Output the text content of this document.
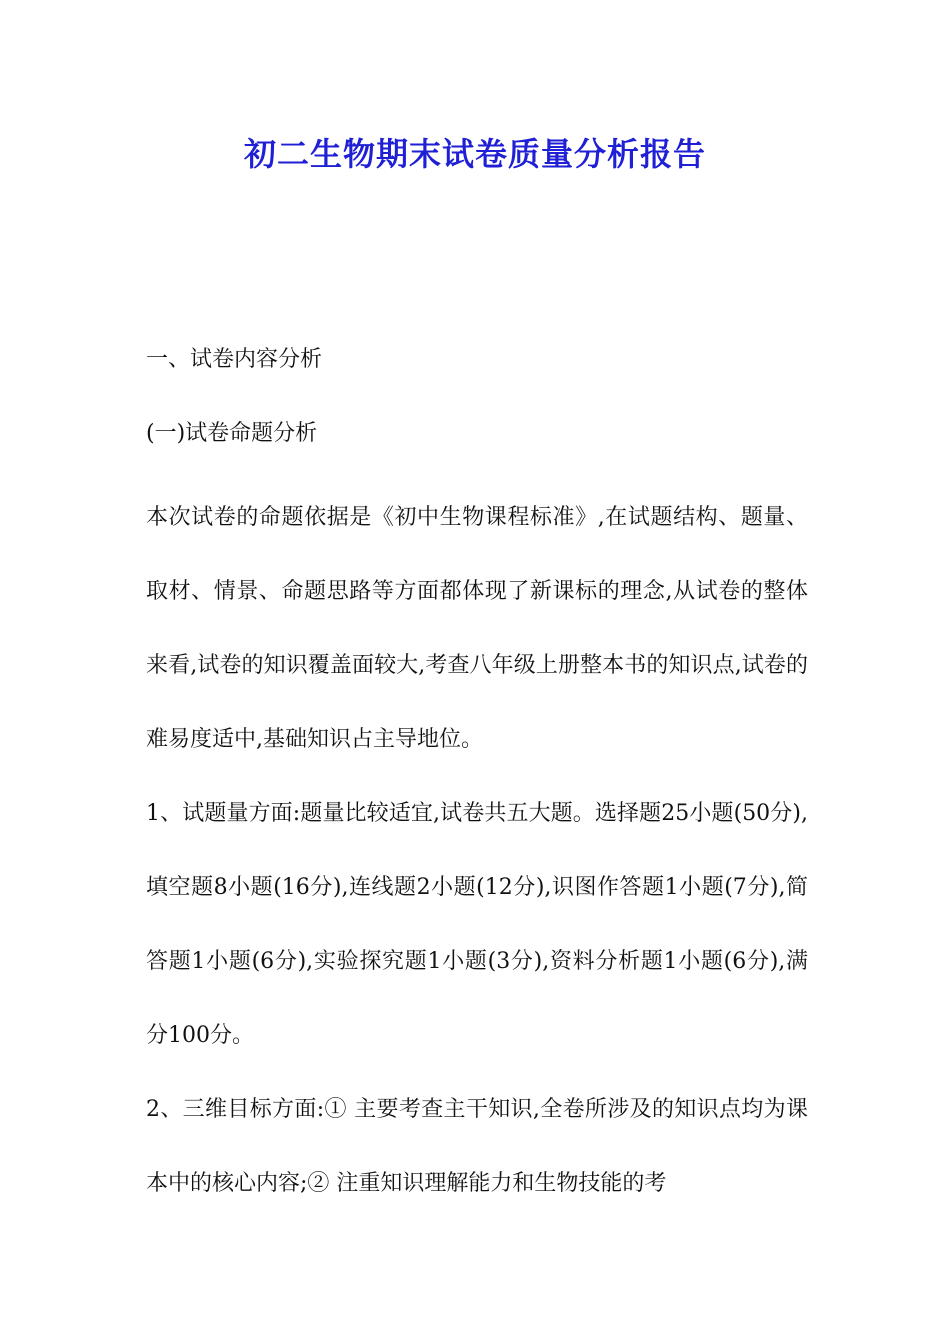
初二生物期末试卷质量分析报告
一、试卷内容分析
(一)试卷命题分析

本次试卷的命题依据是《初中生物课程标准》,在试题结构、题量、取材、情景、命题思路等方面都体现了新课标的理念,从试卷的整体来看,试卷的知识覆盖面较大,考查八年级上册整本书的知识点,试卷的难易度适中,基础知识占主导地位。

1、试题量方面:题量比较适宜,试卷共五大题。选择题25小题(50分),填空题8小题(16分),连线题2小题(12分),识图作答题1小题(7分),简答题1小题(6分),实验探究题1小题(3分),资料分析题1小题(6分),满分100分。

2、三维目标方面:① 主要考查主干知识,全卷所涉及的知识点均为课本中的核心内容;② 注重知识理解能力和生物技能的考
